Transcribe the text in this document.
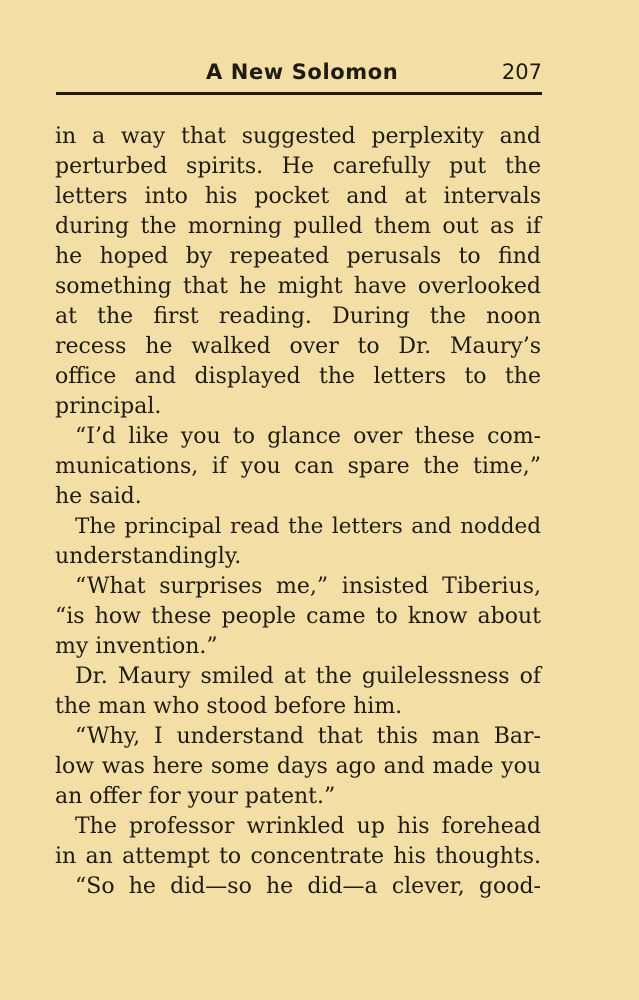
A New Solomon	207
in a way that suggested perplexity and
perturbed spirits. He carefully put the
letters into his pocket and at intervals
during the morning pulled them out as if
he hoped by repeated perusals to find
something that he might have overlooked
at the first reading. During the noon
recess he walked over to Dr. Maury’s
office and displayed the letters to the
principal.
“I’d like you to glance over these com-
munications, if you can spare the time,”
he said.
The principal read the letters and nodded
understandingly.
“What surprises me,” insisted Tiberius,
“is how these people came to know about
my invention.”
Dr. Maury smiled at the guilelessness of
the man who stood before him.
“Why, I understand that this man Bar-
low was here some days ago and made you
an offer for your patent.”
The professor wrinkled up his forehead
in an attempt to concentrate his thoughts.
“So he did—so he did—a clever, good-
